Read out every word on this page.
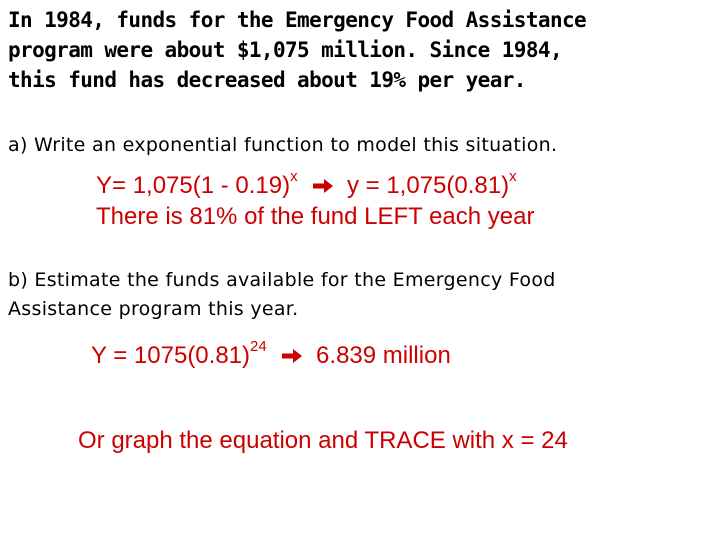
In 1984, funds for the Emergency Food Assistance
program were about $1,075 million. Since 1984,
this fund has decreased about 19% per year.
a) Write an exponential function to model this situation.
Y= 1,075(1 - 0.19)$^x$ $y = 1,075(0.81)^x$
There is 81% of the fund LEFT each year
b) Estimate the funds available for the Emergency Food
Assistance program this year.
$Y = 1075(0.81)^{24}$ 6.839 million
Or graph the equation and TRACE with x = 24
